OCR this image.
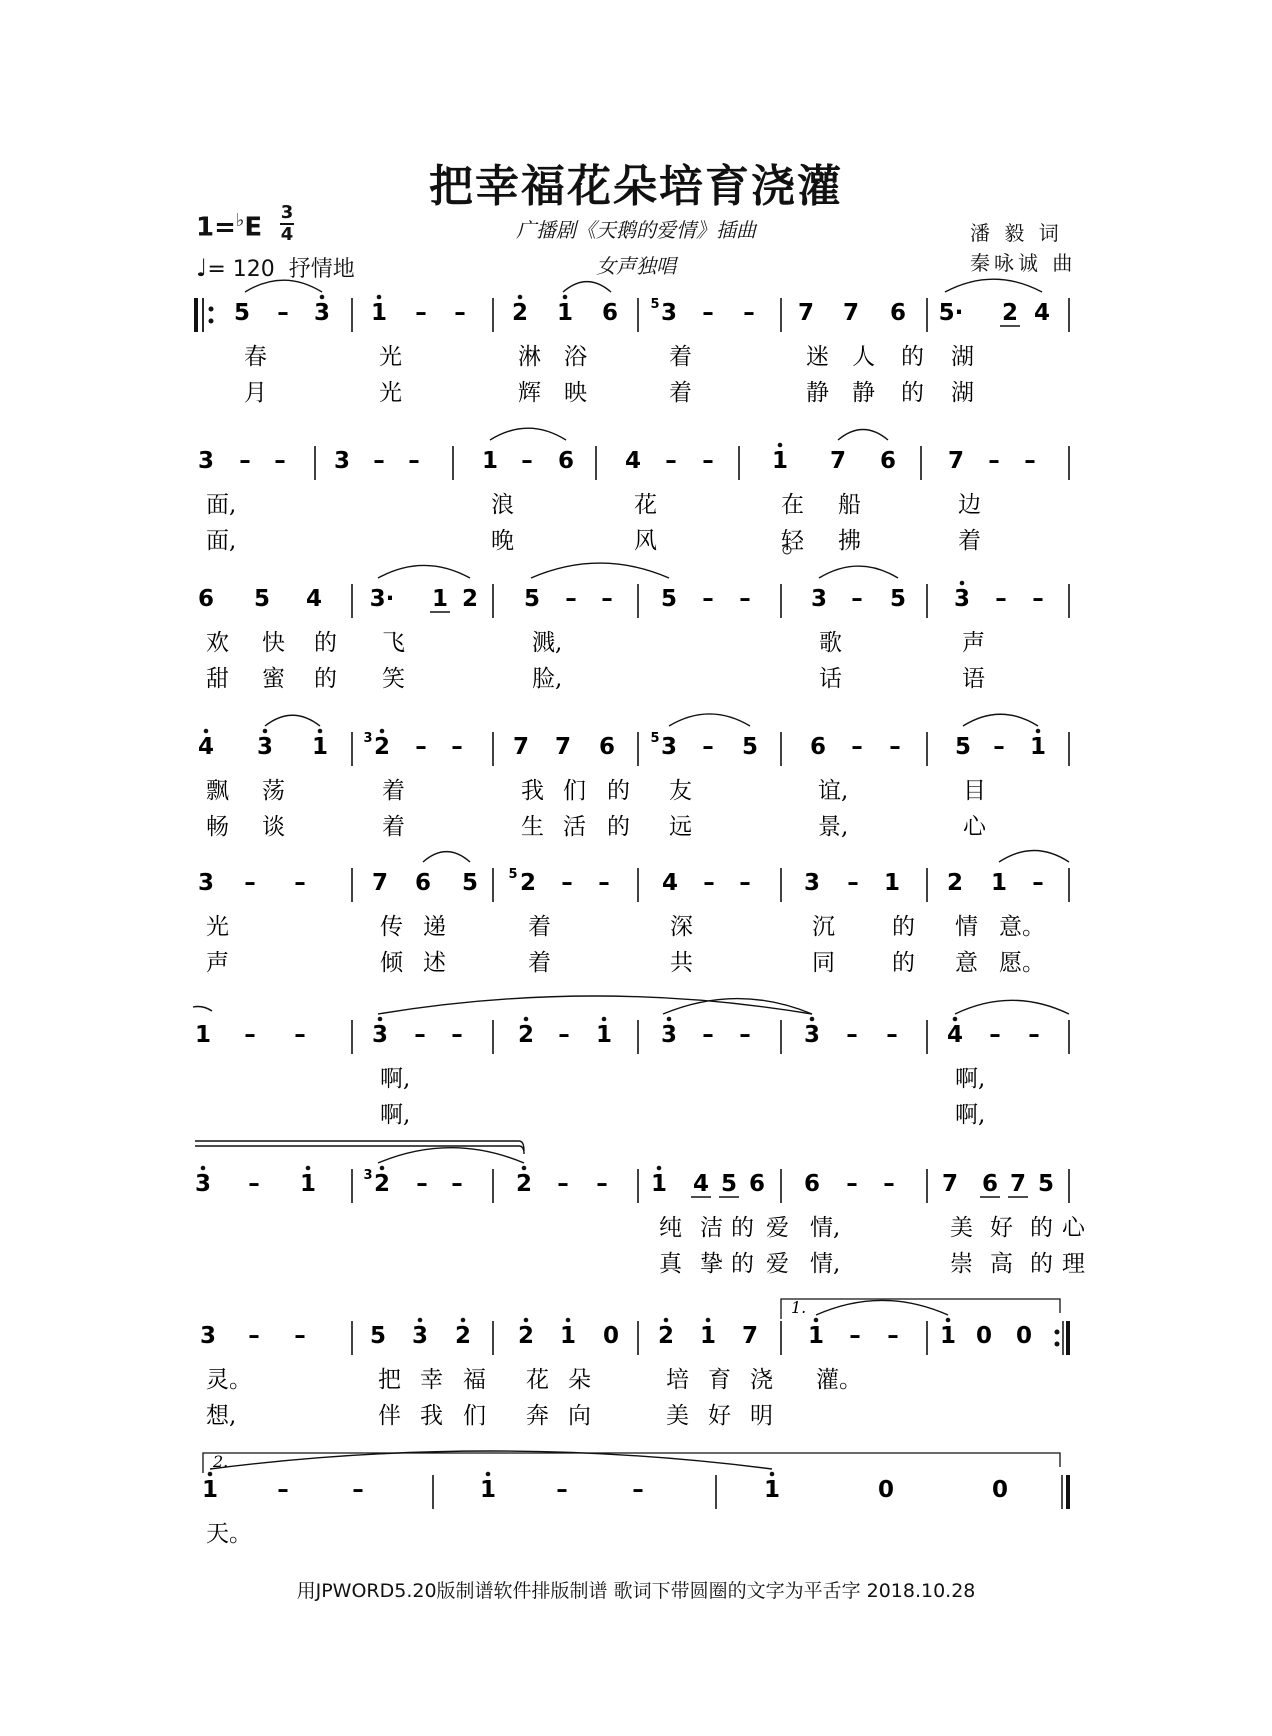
把幸福花朵培育浇灌
1=♭E
3
4
♩= 120 抒情地
广播剧《天鹅的爱情》插曲
女声独唱
潘 毅 词
秦咏诚 曲
5 – 3 1 – – 2 1 6 3 – – 7 7 6 5· 2 4
5
春	光	淋 浴	着	迷 人 的 湖
月	光	辉 映	着	静 静 的 湖
3 – – 3 – –	1 – 6 4 – –	1 7 6 7 – –
面,	浪	花	在 船	边
面,	晚	风	轻 拂	着
6 5 4 3· 1 2 5 – – 5 – –	3 – 5 3 – –
欢 快 的 飞	溅,	歌	声
甜 蜜 的 笑	脸,	话	语
4 3 1 2 – – 7 7 6 3 – 5 6 – – 5 – 1
3	5
飘 荡	着	我 们 的 友	谊,	目
畅 谈	着	生 活 的 远	景,	心
3 – –	7 6 5 2 – – 4 – – 3 – 1 2 1 –
5
光	传 递	着	深	沉 的 情 意。
声	倾 述	着	共	同 的 意 愿。
1 – –	3 – – 2 – 1 3 – – 3 – – 4 – –
啊,	啊,
啊,	啊,
3 – 1	2 – – 2 – – 1 4 5 6 6 – – 7 6 7 5
3
纯 洁 的 爱 情,	美 好 的 心
真 挚 的 爱 情,	崇 高 的 理
3 – –	5 3 2 2 1 0 2 1 7 1 – – 1 0 0
1.
灵。	把 幸 福 花 朵	培 育 浇 灌。
想,	伴 我 们 奔 向	美 好 明
1	–	–	1	–	–	1	0	0
2.
天。
用JPWORD5.20版制谱软件排版制谱 歌词下带圆圈的文字为平舌字 2018.10.28
